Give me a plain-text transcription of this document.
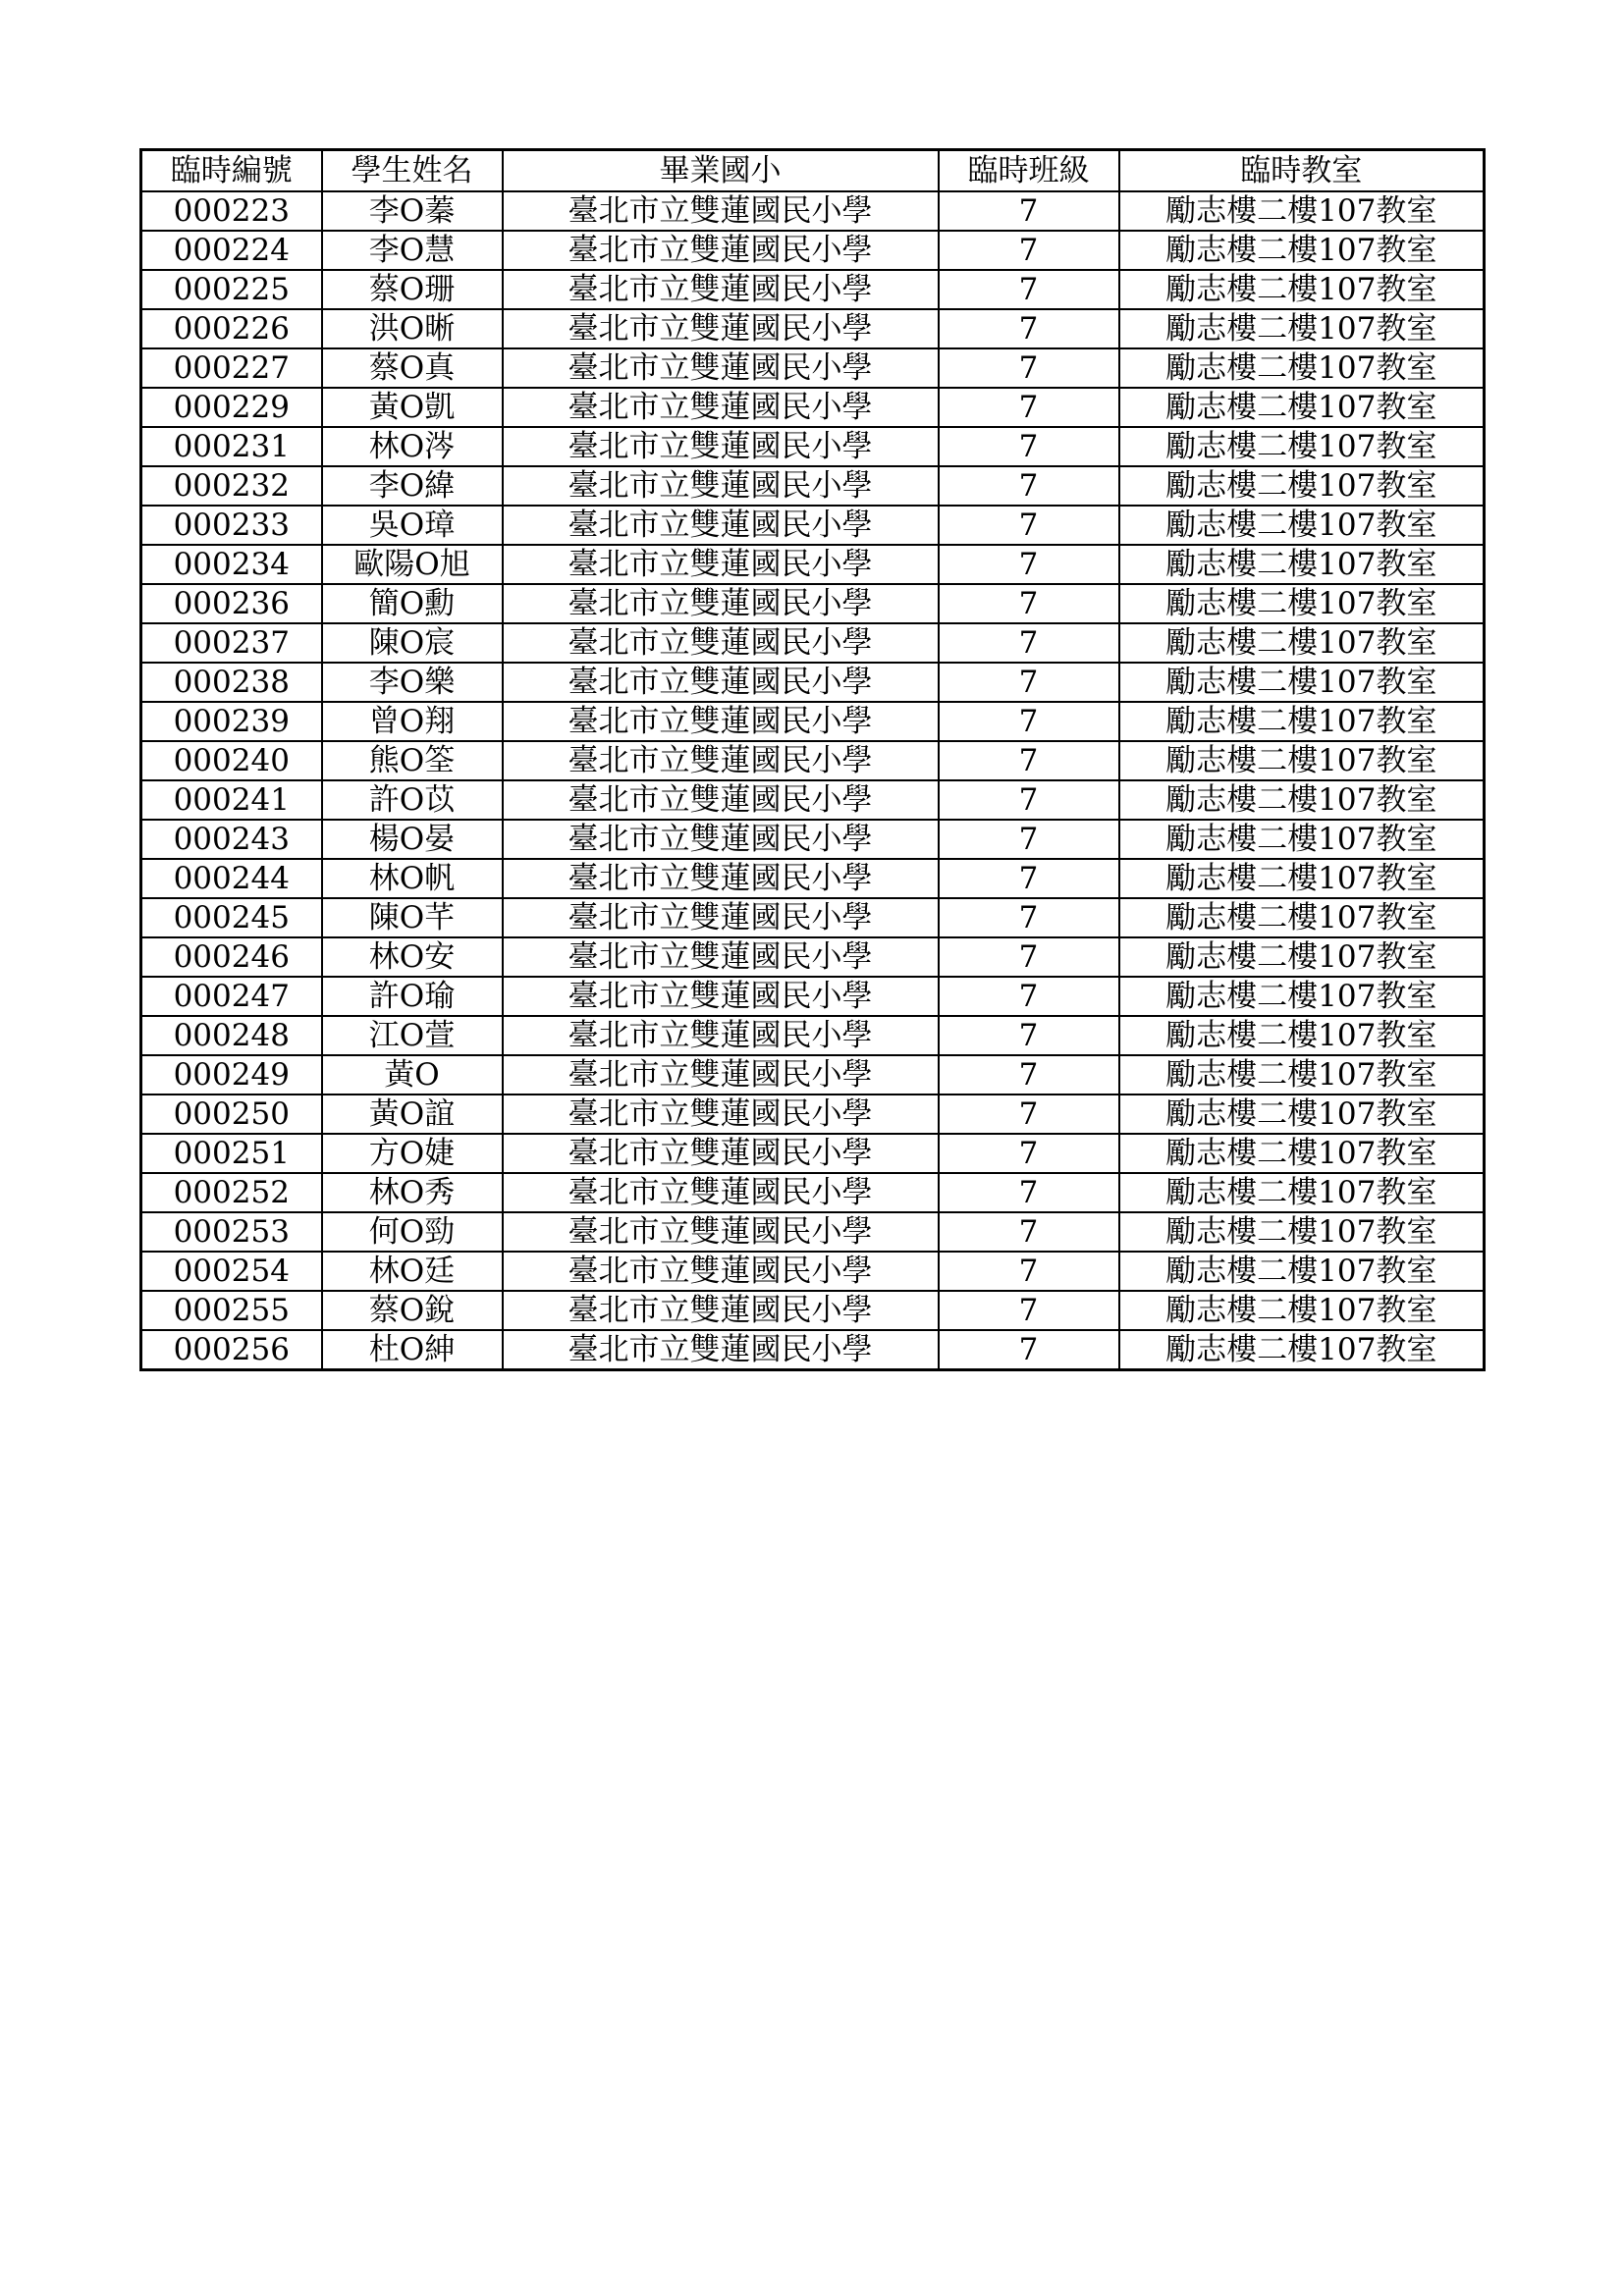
臨時編號	學生姓名	畢業國小	臨時班級	臨時教室
000223	李O蓁	臺北市立雙蓮國民小學	7	勵志樓二樓107教室
000224	李O慧	臺北市立雙蓮國民小學	7	勵志樓二樓107教室
000225	蔡O珊	臺北市立雙蓮國民小學	7	勵志樓二樓107教室
000226	洪O晰	臺北市立雙蓮國民小學	7	勵志樓二樓107教室
000227	蔡O真	臺北市立雙蓮國民小學	7	勵志樓二樓107教室
000229	黃O凱	臺北市立雙蓮國民小學	7	勵志樓二樓107教室
000231	林O涔	臺北市立雙蓮國民小學	7	勵志樓二樓107教室
000232	李O緯	臺北市立雙蓮國民小學	7	勵志樓二樓107教室
000233	吳O璋	臺北市立雙蓮國民小學	7	勵志樓二樓107教室
000234	歐陽O旭	臺北市立雙蓮國民小學	7	勵志樓二樓107教室
000236	簡O勳	臺北市立雙蓮國民小學	7	勵志樓二樓107教室
000237	陳O宸	臺北市立雙蓮國民小學	7	勵志樓二樓107教室
000238	李O樂	臺北市立雙蓮國民小學	7	勵志樓二樓107教室
000239	曾O翔	臺北市立雙蓮國民小學	7	勵志樓二樓107教室
000240	熊O筌	臺北市立雙蓮國民小學	7	勵志樓二樓107教室
000241	許O苡	臺北市立雙蓮國民小學	7	勵志樓二樓107教室
000243	楊O晏	臺北市立雙蓮國民小學	7	勵志樓二樓107教室
000244	林O帆	臺北市立雙蓮國民小學	7	勵志樓二樓107教室
000245	陳O芊	臺北市立雙蓮國民小學	7	勵志樓二樓107教室
000246	林O安	臺北市立雙蓮國民小學	7	勵志樓二樓107教室
000247	許O瑜	臺北市立雙蓮國民小學	7	勵志樓二樓107教室
000248	江O萱	臺北市立雙蓮國民小學	7	勵志樓二樓107教室
000249	黃O	臺北市立雙蓮國民小學	7	勵志樓二樓107教室
000250	黃O誼	臺北市立雙蓮國民小學	7	勵志樓二樓107教室
000251	方O婕	臺北市立雙蓮國民小學	7	勵志樓二樓107教室
000252	林O秀	臺北市立雙蓮國民小學	7	勵志樓二樓107教室
000253	何O勁	臺北市立雙蓮國民小學	7	勵志樓二樓107教室
000254	林O廷	臺北市立雙蓮國民小學	7	勵志樓二樓107教室
000255	蔡O銳	臺北市立雙蓮國民小學	7	勵志樓二樓107教室
000256	杜O紳	臺北市立雙蓮國民小學	7	勵志樓二樓107教室
